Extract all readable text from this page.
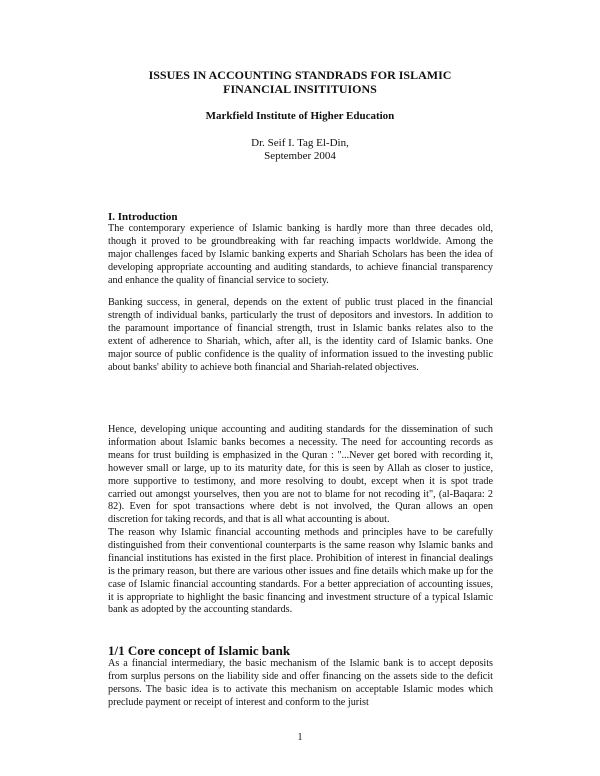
ISSUES IN ACCOUNTING STANDRADS FOR ISLAMIC
FINANCIAL INSITITUIONS
Markfield Institute of Higher Education
Dr. Seif I. Tag El-Din,
September 2004
I. Introduction

The contemporary experience of Islamic banking is hardly more than three decades old, though it proved to be groundbreaking with far reaching impacts worldwide. Among the major challenges faced by Islamic banking experts and Shariah Scholars has been the idea of developing appropriate accounting and auditing standards, to achieve financial transparency and enhance the quality of financial service to society.

Banking success, in general, depends on the extent of public trust placed in the financial strength of individual banks, particularly the trust of depositors and investors. In addition to the paramount importance of financial strength, trust in Islamic banks relates also to the extent of adherence to Shariah, which, after all, is the identity card of Islamic banks. One major source of public confidence is the quality of information issued to the investing public about banks' ability to achieve both financial and Shariah-related objectives.

Hence, developing unique accounting and auditing standards for the dissemination of such information about Islamic banks becomes a necessity. The need for accounting records as means for trust building is emphasized in the Quran : "...Never get bored with recording it, however small or large, up to its maturity date, for this is seen by Allah as closer to justice, more supportive to testimony, and more resolving to doubt, except when it is spot trade carried out amongst yourselves, then you are not to blame for not recoding it", (al-Baqara: 2 82). Even for spot transactions where debt is not involved, the Quran allows an open discretion for taking records, and that is all what accounting is about.

The reason why Islamic financial accounting methods and principles have to be carefully distinguished from their conventional counterparts is the same reason why Islamic banks and financial institutions has existed in the first place. Prohibition of interest in financial dealings is the primary reason, but there are various other issues and fine details which make up for the case of Islamic financial accounting standards. For a better appreciation of accounting issues, it is appropriate to highlight the basic financing and investment structure of a typical Islamic bank as adopted by the accounting standards.

1/1 Core concept of Islamic bank

As a financial intermediary, the basic mechanism of the Islamic bank is to accept deposits from surplus persons on the liability side and offer financing on the assets side to the deficit persons. The basic idea is to activate this mechanism on acceptable Islamic modes which preclude payment or receipt of interest and conform to the jurist

1
